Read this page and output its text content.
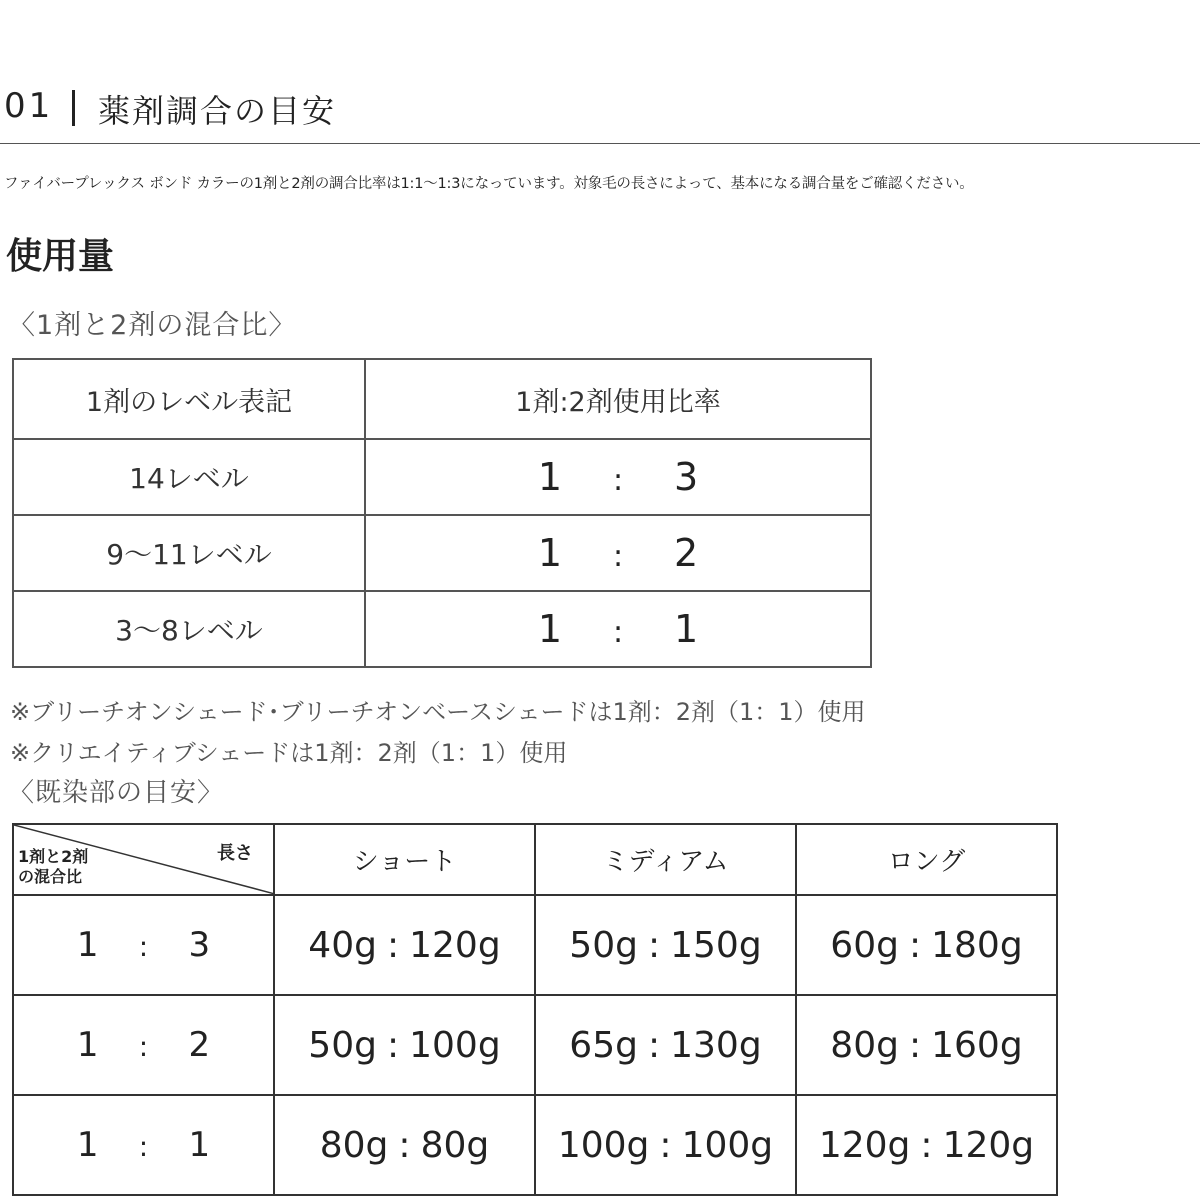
01 薬剤調合の目安
ファイバープレックス ボンド カラーの1剤と2剤の調合比率は1:1～1:3になっています。対象毛の長さによって、基本になる調合量をご確認ください。
使用量
〈1剤と2剤の混合比〉
1剤のレベル表記	1剤:2剤使用比率
14レベル	1 : 3
9～11レベル	1 : 2
3～8レベル	1 : 1
※ブリーチオンシェード･ブリーチオンベースシェードは1剤：2剤（1：1）使用
※クリエイティブシェードは1剤：2剤（1：1）使用
〈既染部の目安〉
長さ
1剤と2剤
の混合比	ショート	ミディアム	ロング
1 : 3	40g : 120g	50g : 150g	60g : 180g
1 : 2	50g : 100g	65g : 130g	80g : 160g
1 : 1	80g : 80g	100g : 100g	120g : 120g
